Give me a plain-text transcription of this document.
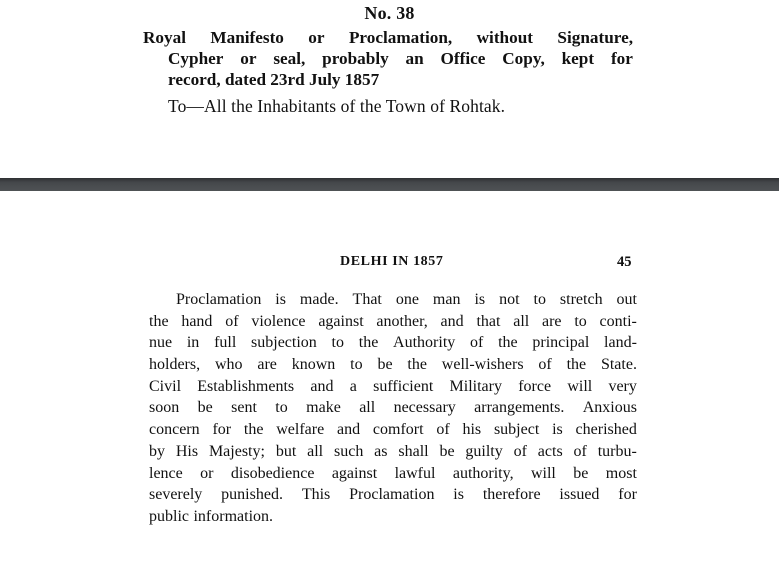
No. 38
Royal Manifesto or Proclamation, without Signature,
Cypher or seal, probably an Office Copy, kept for
record, dated 23rd July 1857
To—All the Inhabitants of the Town of Rohtak.
DELHI IN 1857	45
Proclamation is made. That one man is not to stretch out
the hand of violence against another, and that all are to conti-
nue in full subjection to the Authority of the principal land-
holders, who are known to be the well-wishers of the State.
Civil Establishments and a sufficient Military force will very
soon be sent to make all necessary arrangements. Anxious
concern for the welfare and comfort of his subject is cherished
by His Majesty; but all such as shall be guilty of acts of turbu-
lence or disobedience against lawful authority, will be most
severely punished. This Proclamation is therefore issued for
public information.
